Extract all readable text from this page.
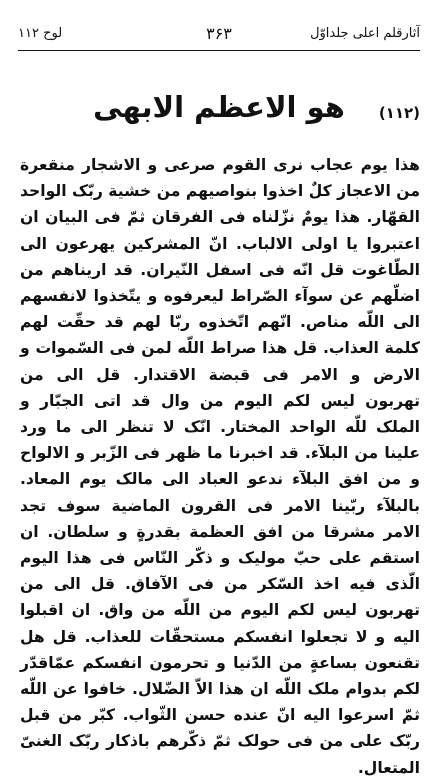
آثارقلم اعلی جلداوّل
۳۶۳
لوح ۱۱۲
(۱۱۲)
هو الاعظم الابهی

هذا یوم عجاب نری القوم صرعی و الاشجار منقعرة من الاعجاز کلٌ اخذوا بنواصیهم من خشیة ربّک الواحد القهّار. هذا یومٌ نزّلناه فی الفرقان ثمّ فی البیان ان اعتبروا یا اولی الالباب. انّ المشرکین یهرعون الی الطّاغوت قل انّه فی اسفل النّیران. قد اریناهم من اضلّهم عن سوآء الصّراط لیعرفوه و یتّخذوا لانفسهم الی اللّه مناص. انّهم اتّخذوه ربّا لهم قد حقّت لهم کلمة العذاب. قل هذا صراط اللّه لمن فی السّموات و الارض و الامر فی قبضة الاقتدار. قل الی من تهربون لیس لکم الیوم من وال قد اتی الجبّار و الملک للّه الواحد المختار. انّک لا تنظر الی ما ورد علینا من البلآء. قد اخبرنا ما ظهر فی الزّبر و الالواح و من افق البلآء ندعو العباد الی مالک یوم المعاد. بالبلآء ربّینا الامر فی القرون الماضیة سوف تجد الامر مشرقا من افق العظمة بقدرةٍ و سلطان. ان استقم علی حبّ مولیک و ذکّر النّاس فی هذا الیوم الّذی فیه اخذ السّکر من فی الآفاق. قل الی من تهربون لیس لکم الیوم من اللّه من واق. ان اقبلوا الیه و لا تجعلوا انفسکم مستحقّات للعذاب. قل هل تقنعون بساعةٍ من الدّنیا و تحرمون انفسکم عمّاقدّر لکم بدوام ملک اللّه ان هذا الاّ الضّلال. خافوا عن اللّه ثمّ اسرعوا الیه انّ عنده حسن الثّواب. کبّر من قبل ربّک علی من فی حولک ثمّ ذکّرهم باذکار ربّک الغنیّ المتعال.
